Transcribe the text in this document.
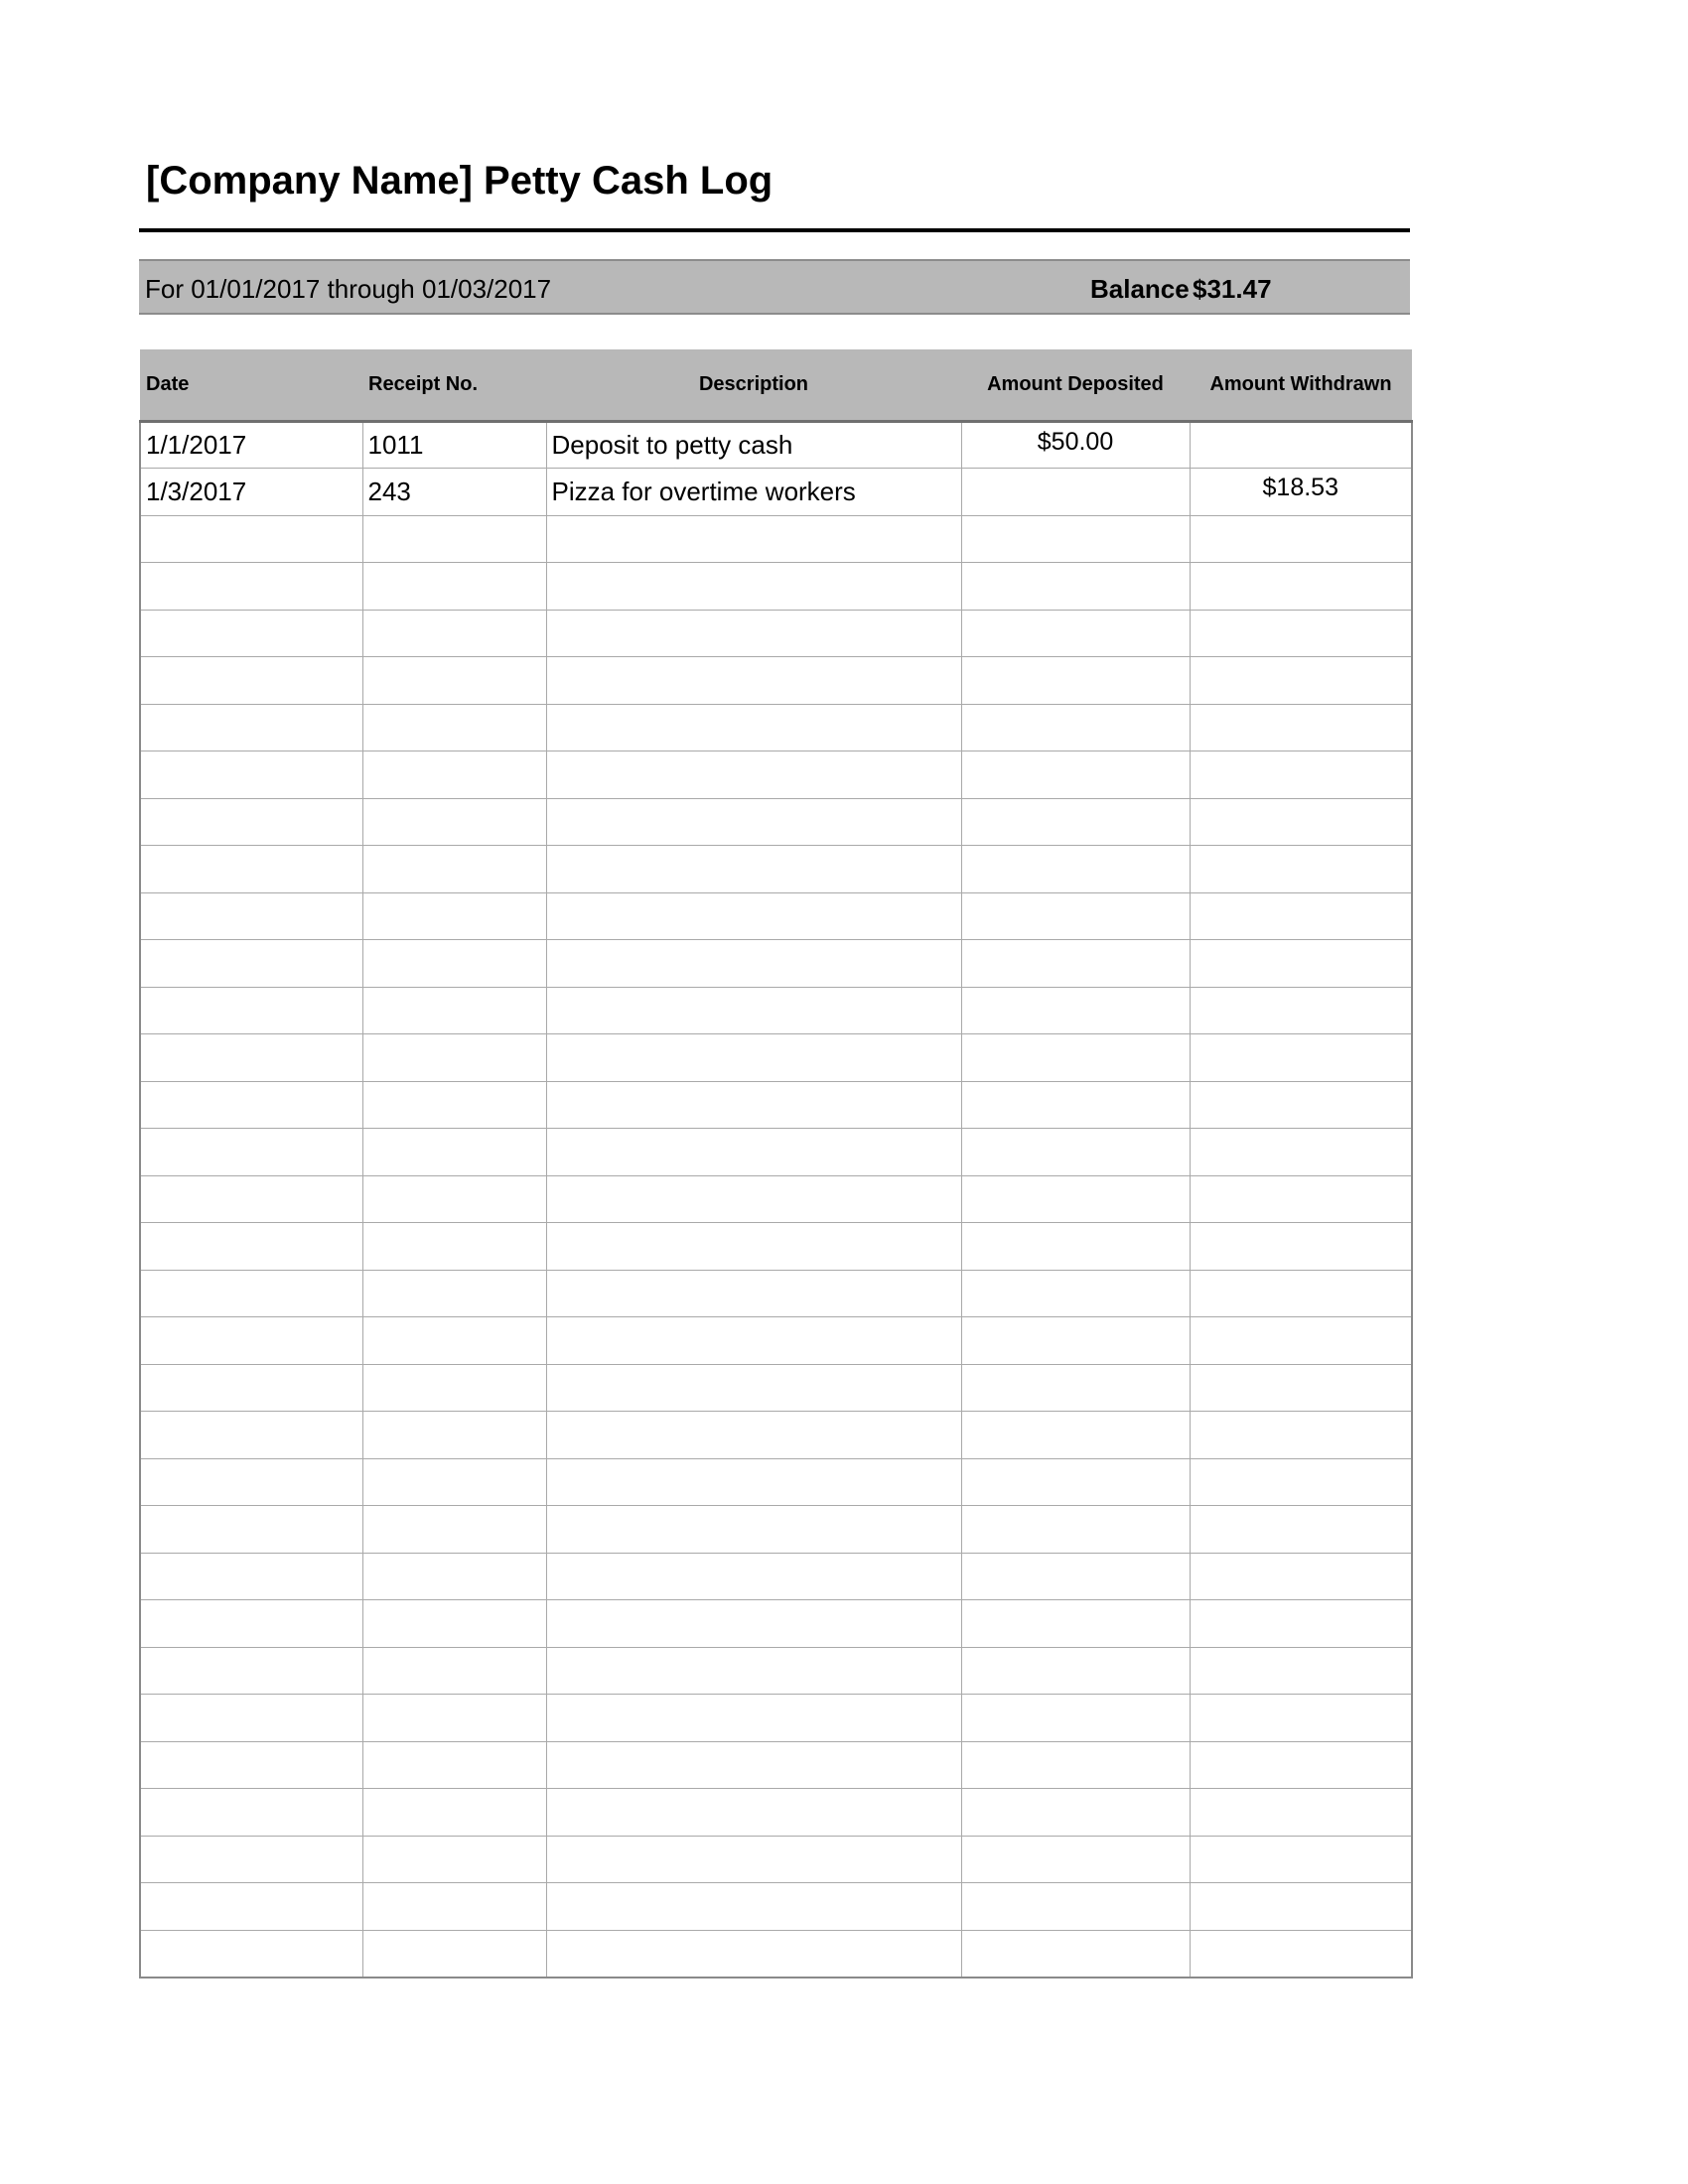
[Company Name] Petty Cash Log
For 01/01/2017 through 01/03/2017	Balance $31.47
Date	Receipt No.	Description	Amount Deposited	Amount Withdrawn
1/1/2017	1011	Deposit to petty cash	$50.00	
1/3/2017	243	Pizza for overtime workers		$18.53
